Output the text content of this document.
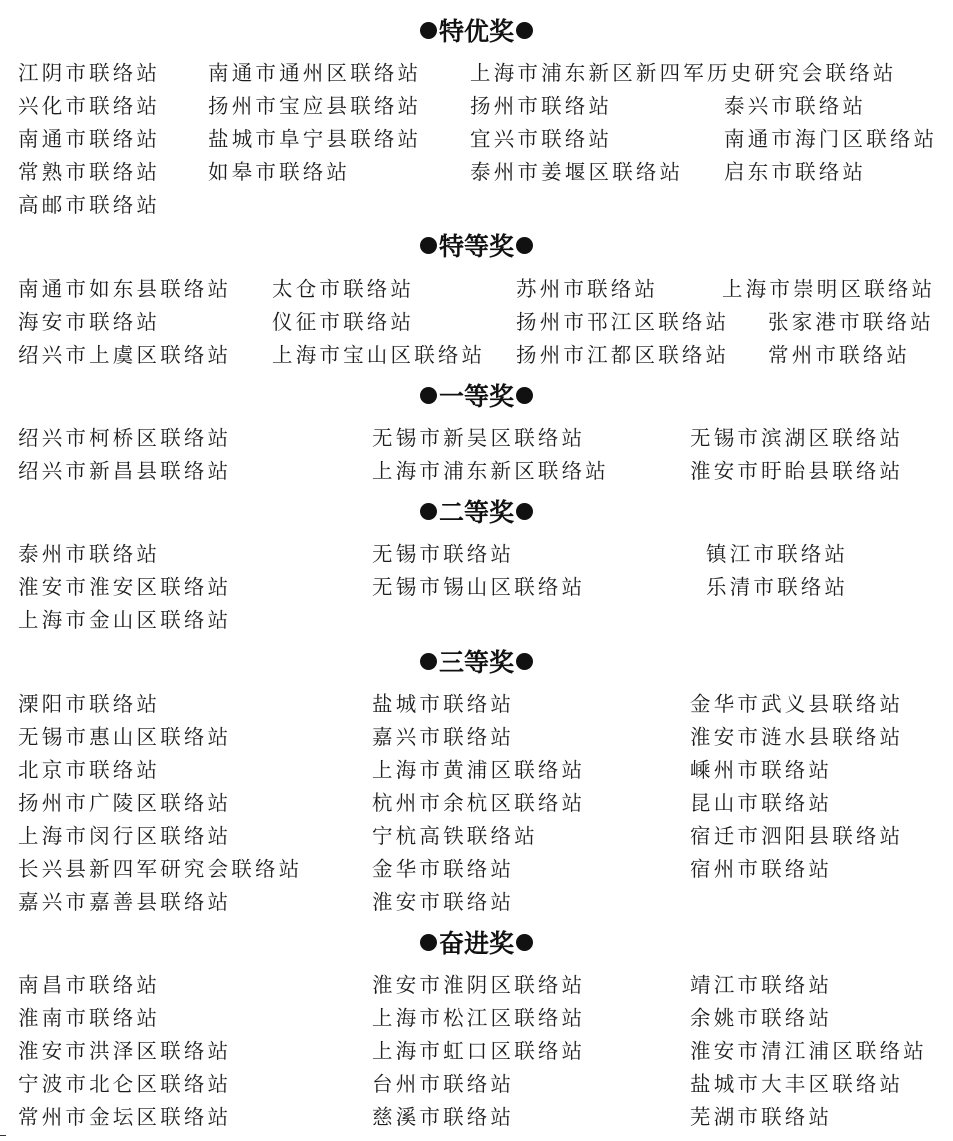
特优奖
江阴市联络站 南通市通州区联络站 上海市浦东新区新四军历史研究会联络站
兴化市联络站 扬州市宝应县联络站 扬州市联络站	泰兴市联络站
南通市联络站 盐城市阜宁县联络站 宜兴市联络站	南通市海门区联络站
常熟市联络站 如皋市联络站	泰州市姜堰区联络站 启东市联络站
高邮市联络站
特等奖
南通市如东县联络站 太仓市联络站	苏州市联络站	上海市崇明区联络站
海安市联络站	仪征市联络站	扬州市邗江区联络站 张家港市联络站
绍兴市上虞区联络站 上海市宝山区联络站 扬州市江都区联络站 常州市联络站
一等奖
绍兴市柯桥区联络站	无锡市新吴区联络站	无锡市滨湖区联络站
绍兴市新昌县联络站	上海市浦东新区联络站	淮安市盱眙县联络站
二等奖
泰州市联络站	无锡市联络站	镇江市联络站
淮安市淮安区联络站	无锡市锡山区联络站	乐清市联络站
上海市金山区联络站
三等奖
溧阳市联络站	盐城市联络站	金华市武义县联络站
无锡市惠山区联络站	嘉兴市联络站	淮安市涟水县联络站
北京市联络站	上海市黄浦区联络站	嵊州市联络站
扬州市广陵区联络站	杭州市余杭区联络站	昆山市联络站
上海市闵行区联络站	宁杭高铁联络站	宿迁市泗阳县联络站
长兴县新四军研究会联络站	金华市联络站	宿州市联络站
嘉兴市嘉善县联络站	淮安市联络站
奋进奖
南昌市联络站	淮安市淮阴区联络站	靖江市联络站
淮南市联络站	上海市松江区联络站	余姚市联络站
淮安市洪泽区联络站	上海市虹口区联络站	淮安市清江浦区联络站
宁波市北仑区联络站	台州市联络站	盐城市大丰区联络站
常州市金坛区联络站	慈溪市联络站	芜湖市联络站
